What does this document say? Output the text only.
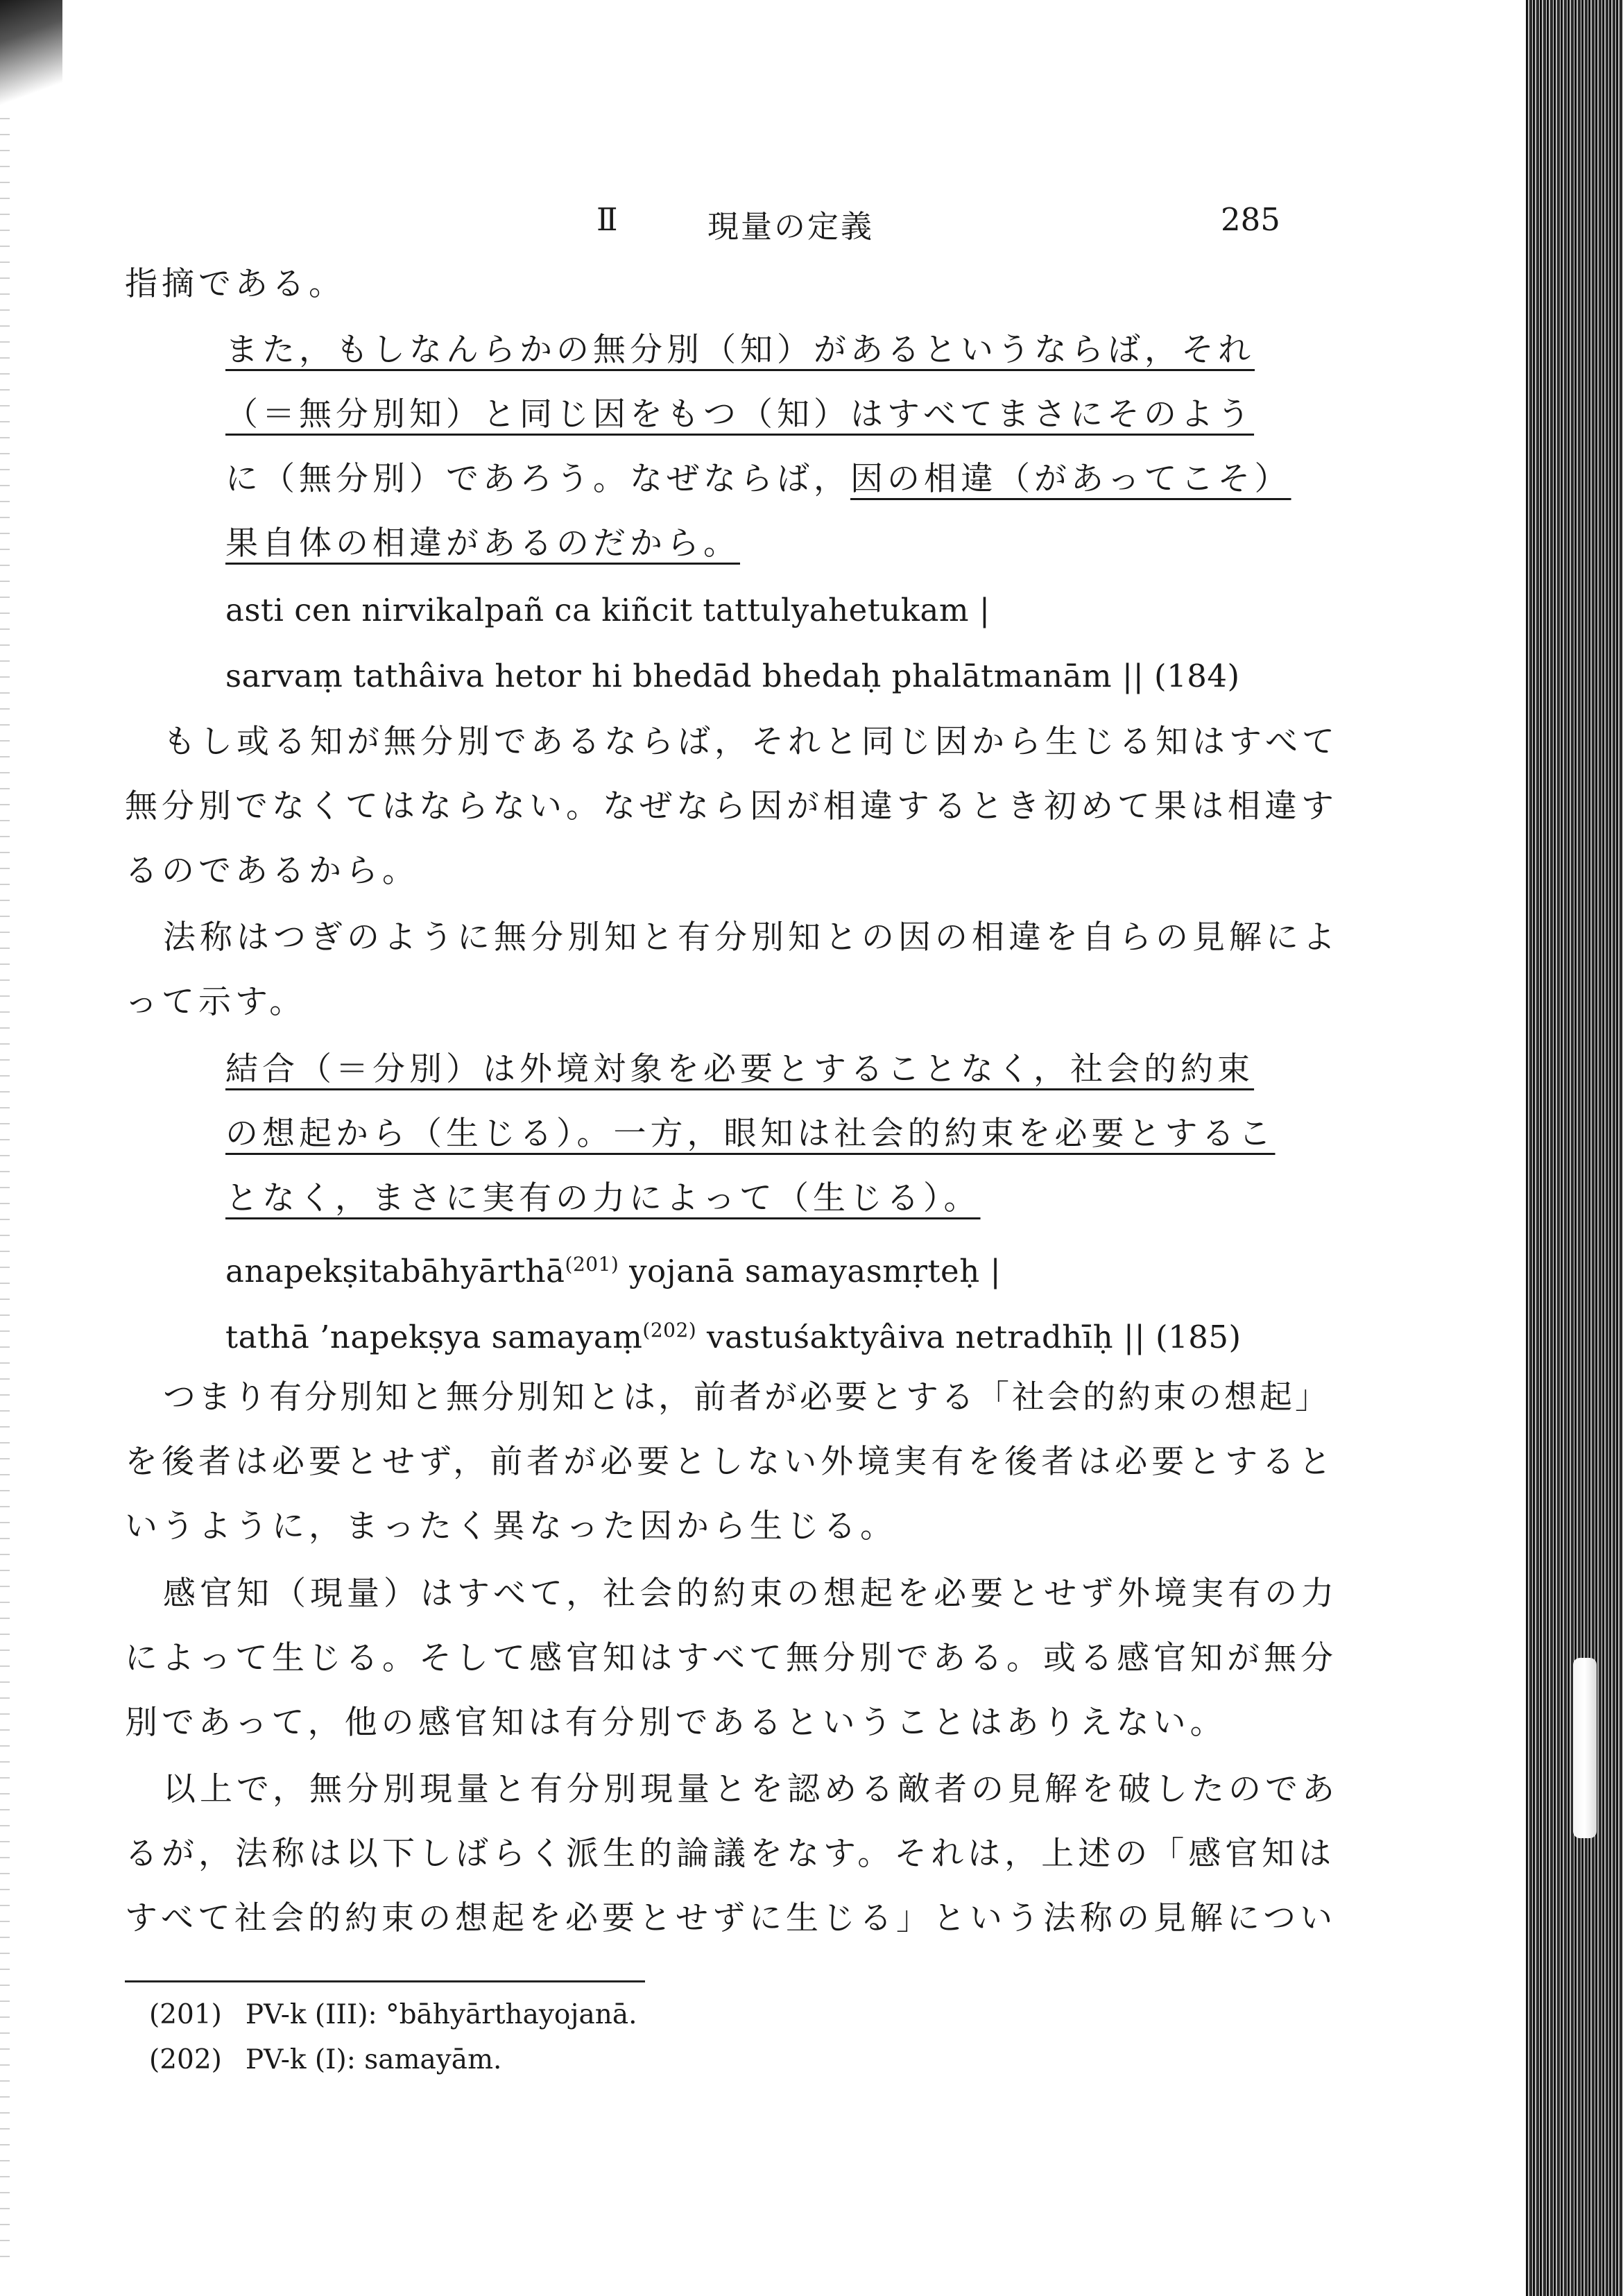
Ⅱ	現量の定義	285
指摘である。
また，もしなんらかの無分別（知）があるというならば，それ
（＝無分別知）と同じ因をもつ（知）はすべてまさにそのよう
に（無分別）であろう。なぜならば，因の相違（があってこそ）
果自体の相違があるのだから。
asti cen nirvikalpañ ca kiñcit tattulyahetukam |
sarvaṃ tathâiva hetor hi bhedād bhedaḥ phalātmanām || (184)
もし或る知が無分別であるならば，それと同じ因から生じる知はすべて
無分別でなくてはならない。なぜなら因が相違するとき初めて果は相違す
るのであるから。
法称はつぎのように無分別知と有分別知との因の相違を自らの見解によ
って示す。
結合（＝分別）は外境対象を必要とすることなく，社会的約束
の想起から（生じる）。一方，眼知は社会的約束を必要とするこ
となく，まさに実有の力によって（生じる）。
anapekṣitabāhyārthā$^{(201)}$ yojanā samayasmṛteḥ |
tathā ’napekṣya samayaṃ$^{(202)}$ vastuśaktyâiva netradhīḥ || (185)
つまり有分別知と無分別知とは，前者が必要とする「社会的約束の想起」
を後者は必要とせず，前者が必要としない外境実有を後者は必要とすると
いうように，まったく異なった因から生じる。
感官知（現量）はすべて，社会的約束の想起を必要とせず外境実有の力
によって生じる。そして感官知はすべて無分別である。或る感官知が無分
別であって，他の感官知は有分別であるということはありえない。
以上で，無分別現量と有分別現量とを認める敵者の見解を破したのであ
るが，法称は以下しばらく派生的論議をなす。それは，上述の「感官知は
すべて社会的約束の想起を必要とせずに生じる」という法称の見解につい
(201) PV-k (III): °bāhyārthayojanā.
(202) PV-k (I): samayām.
